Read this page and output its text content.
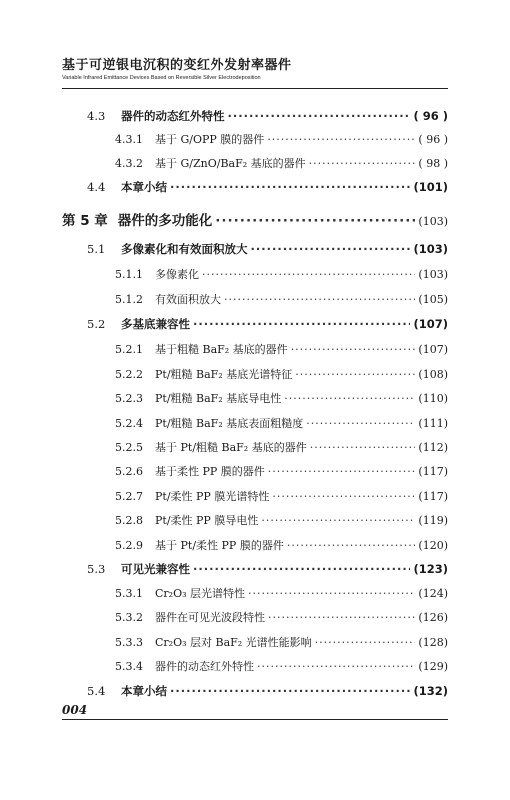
基于可逆银电沉积的变红外发射率器件
Variable Infrared Emittance Devices Based on Reversible Silver Electrodeposition
4.3	器件的动态红外特性 ·····	( 96 )
4.3.1 基于 G/OPP 膜的器件 ·····	( 96 )
4.3.2 基于 G/ZnO/BaF₂ 基底的器件 ·····	( 98 )
4.4	本章小结 ·····	(101)
第 5 章 器件的多功能化 ·····	(103)
5.1	多像素化和有效面积放大 ·····	(103)
5.1.1 多像素化 ·····	(103)
5.1.2 有效面积放大 ·····	(105)
5.2	多基底兼容性 ·····	(107)
5.2.1 基于粗糙 BaF₂ 基底的器件 ·····	(107)
5.2.2 Pt/粗糙 BaF₂ 基底光谱特征 ·····	(108)
5.2.3 Pt/粗糙 BaF₂ 基底导电性 ·····	(110)
5.2.4 Pt/粗糙 BaF₂ 基底表面粗糙度 ·····	(111)
5.2.5 基于 Pt/粗糙 BaF₂ 基底的器件 ·····	(112)
5.2.6 基于柔性 PP 膜的器件 ·····	(117)
5.2.7 Pt/柔性 PP 膜光谱特性 ·····	(117)
5.2.8 Pt/柔性 PP 膜导电性 ·····	(119)
5.2.9 基于 Pt/柔性 PP 膜的器件 ·····	(120)
5.3	可见光兼容性 ·····	(123)
5.3.1 Cr₂O₃ 层光谱特性 ·····	(124)
5.3.2 器件在可见光波段特性 ·····	(126)
5.3.3 Cr₂O₃ 层对 BaF₂ 光谱性能影响 ·····	(128)
5.3.4 器件的动态红外特性 ·····	(129)
5.4	本章小结 ·····	(132)
004
